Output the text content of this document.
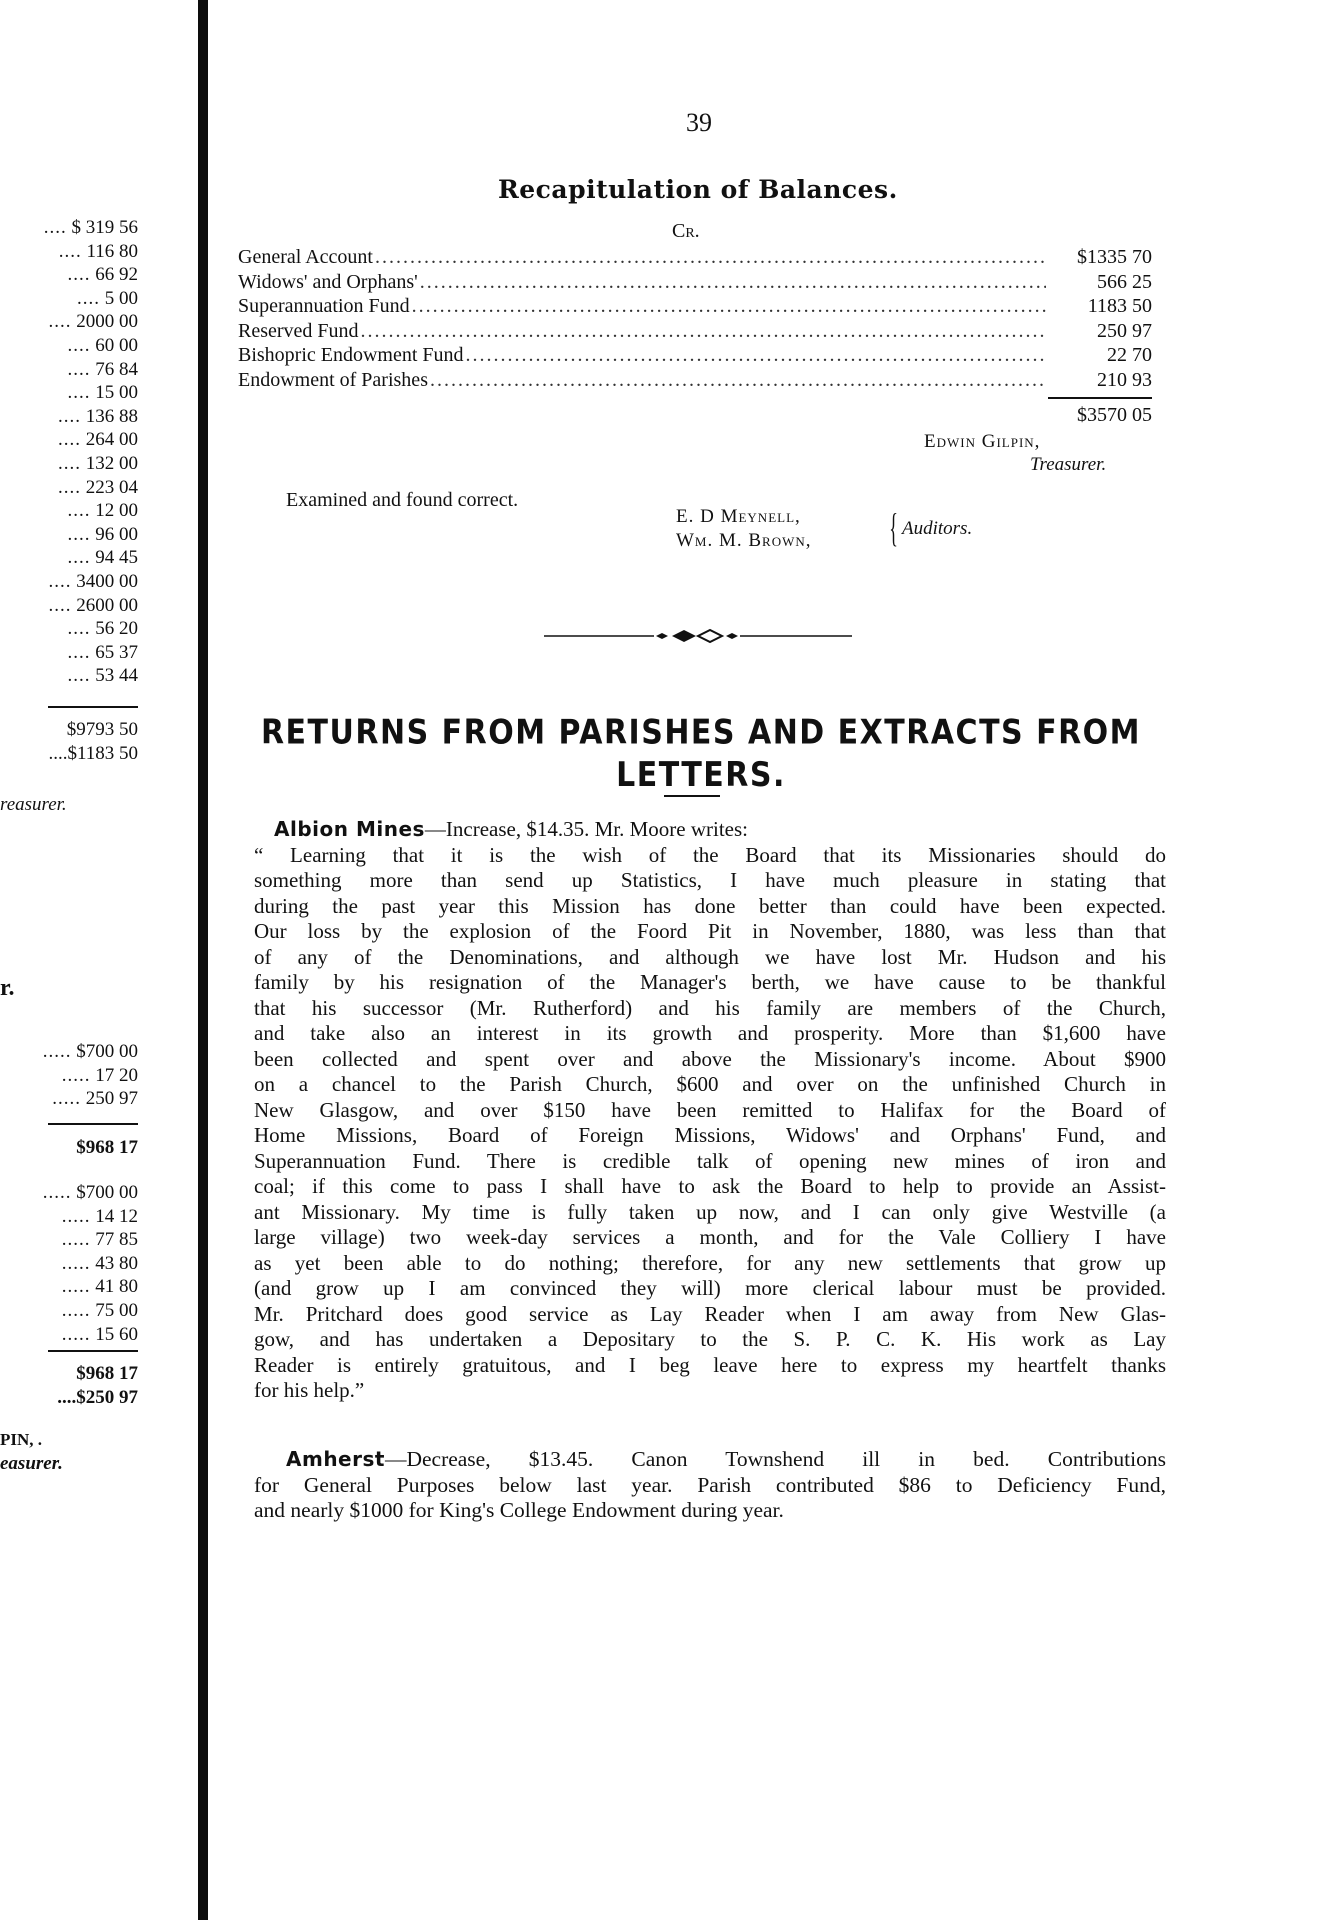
.... $ 319 56
.... 116 80
.... 66 92
.... 5 00
.... 2000 00
.... 60 00
.... 76 84
.... 15 00
.... 136 88
.... 264 00
.... 132 00
.... 223 04
.... 12 00
.... 96 00
.... 94 45
.... 3400 00
.... 2600 00
.... 56 20
.... 65 37
.... 53 44
$9793 50
....$1183 50
reasurer.
r.
..... $700 00
..... 17 20
..... 250 97
$968 17
..... $700 00
..... 14 12
..... 77 85
..... 43 80
..... 41 80
..... 75 00
..... 15 60
$968 17
....$250 97
PIN, .
easurer.
39
Recapitulation of Balances.
Cr.
General Account .....	$1335 70
Widows' and Orphans' .....	566 25
Superannuation Fund .....	1183 50
Reserved Fund .....	250 97
Bishopric Endowment Fund .....	22 70
Endowment of Parishes .....	210 93
$3570 05
Edwin Gilpin,
Treasurer.
Examined and found correct.
E. D Meynell,
Wm. M. Brown, { Auditors.
RETURNS FROM PARISHES AND EXTRACTS FROM
LETTERS.
Albion Mines—Increase, $14.35. Mr. Moore writes:
“ Learning that it is the wish of the Board that its Missionaries should do
something more than send up Statistics, I have much pleasure in stating that
during the past year this Mission has done better than could have been expected.
Our loss by the explosion of the Foord Pit in November, 1880, was less than that
of any of the Denominations, and although we have lost Mr. Hudson and his
family by his resignation of the Manager's berth, we have cause to be thankful
that his successor (Mr. Rutherford) and his family are members of the Church,
and take also an interest in its growth and prosperity. More than $1,600 have
been collected and spent over and above the Missionary's income. About $900
on a chancel to the Parish Church, $600 and over on the unfinished Church in
New Glasgow, and over $150 have been remitted to Halifax for the Board of
Home Missions, Board of Foreign Missions, Widows' and Orphans' Fund, and
Superannuation Fund. There is credible talk of opening new mines of iron and
coal; if this come to pass I shall have to ask the Board to help to provide an Assist-
ant Missionary. My time is fully taken up now, and I can only give Westville (a
large village) two week-day services a month, and for the Vale Colliery I have
as yet been able to do nothing; therefore, for any new settlements that grow up
(and grow up I am convinced they will) more clerical labour must be provided.
Mr. Pritchard does good service as Lay Reader when I am away from New Glas-
gow, and has undertaken a Depositary to the S. P. C. K. His work as Lay
Reader is entirely gratuitous, and I beg leave here to express my heartfelt thanks
for his help.”
Amherst—Decrease, $13.45. Canon Townshend ill in bed. Contributions
for General Purposes below last year. Parish contributed $86 to Deficiency Fund,
and nearly $1000 for King's College Endowment during year.
